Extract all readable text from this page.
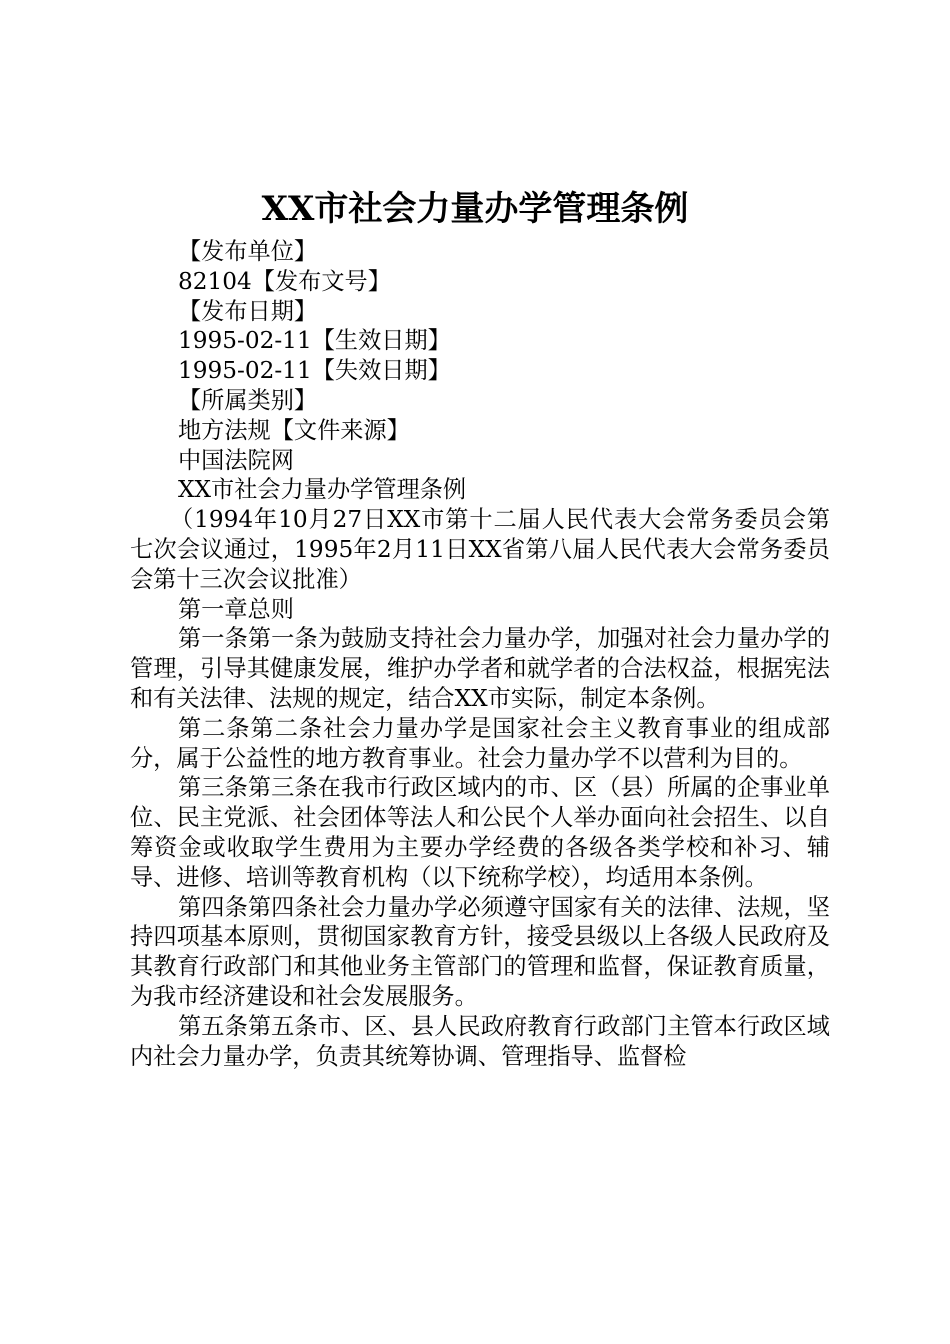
XX市社会力量办学管理条例
【发布单位】
82104【发布文号】
【发布日期】
1995-02-11【生效日期】
1995-02-11【失效日期】
【所属类别】
地方法规【文件来源】
中国法院网
XX市社会力量办学管理条例

（1994年10月27日XX市第十二届人民代表大会常务委员会第七次会议通过，1995年2月11日XX省第八届人民代表大会常务委员会第十三次会议批准）

第一章总则

第一条第一条为鼓励支持社会力量办学，加强对社会力量办学的管理，引导其健康发展，维护办学者和就学者的合法权益，根据宪法和有关法律、法规的规定，结合XX市实际，制定本条例。

第二条第二条社会力量办学是国家社会主义教育事业的组成部分，属于公益性的地方教育事业。社会力量办学不以营利为目的。

第三条第三条在我市行政区域内的市、区（县）所属的企事业单位、民主党派、社会团体等法人和公民个人举办面向社会招生、以自筹资金或收取学生费用为主要办学经费的各级各类学校和补习、辅导、进修、培训等教育机构（以下统称学校），均适用本条例。

第四条第四条社会力量办学必须遵守国家有关的法律、法规，坚持四项基本原则，贯彻国家教育方针，接受县级以上各级人民政府及其教育行政部门和其他业务主管部门的管理和监督，保证教育质量，为我市经济建设和社会发展服务。

第五条第五条市、区、县人民政府教育行政部门主管本行政区域内社会力量办学，负责其统筹协调、管理指导、监督检
